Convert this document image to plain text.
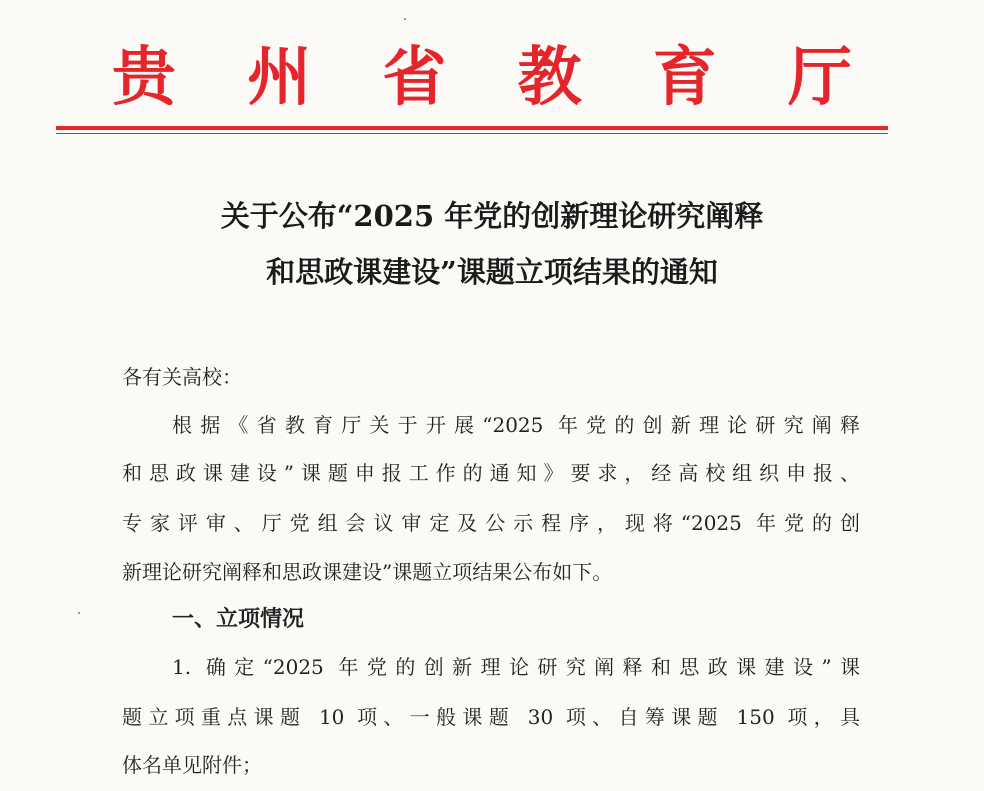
贵 州 省 教 育 厅
关于公布“2025 年党的创新理论研究阐释
和思政课建设”课题立项结果的通知
各有关高校：
根据《省教育厅关于开展“2025 年党的创新理论研究阐释
和思政课建设”课题申报工作的通知》要求，经高校组织申报、
专家评审、厅党组会议审定及公示程序，现将“2025 年党的创
新理论研究阐释和思政课建设”课题立项结果公布如下。
一、立项情况
1. 确定“2025 年党的创新理论研究阐释和思政课建设”课
题立项重点课题 10 项、一般课题 30 项、自筹课题 150 项，具
体名单见附件；
